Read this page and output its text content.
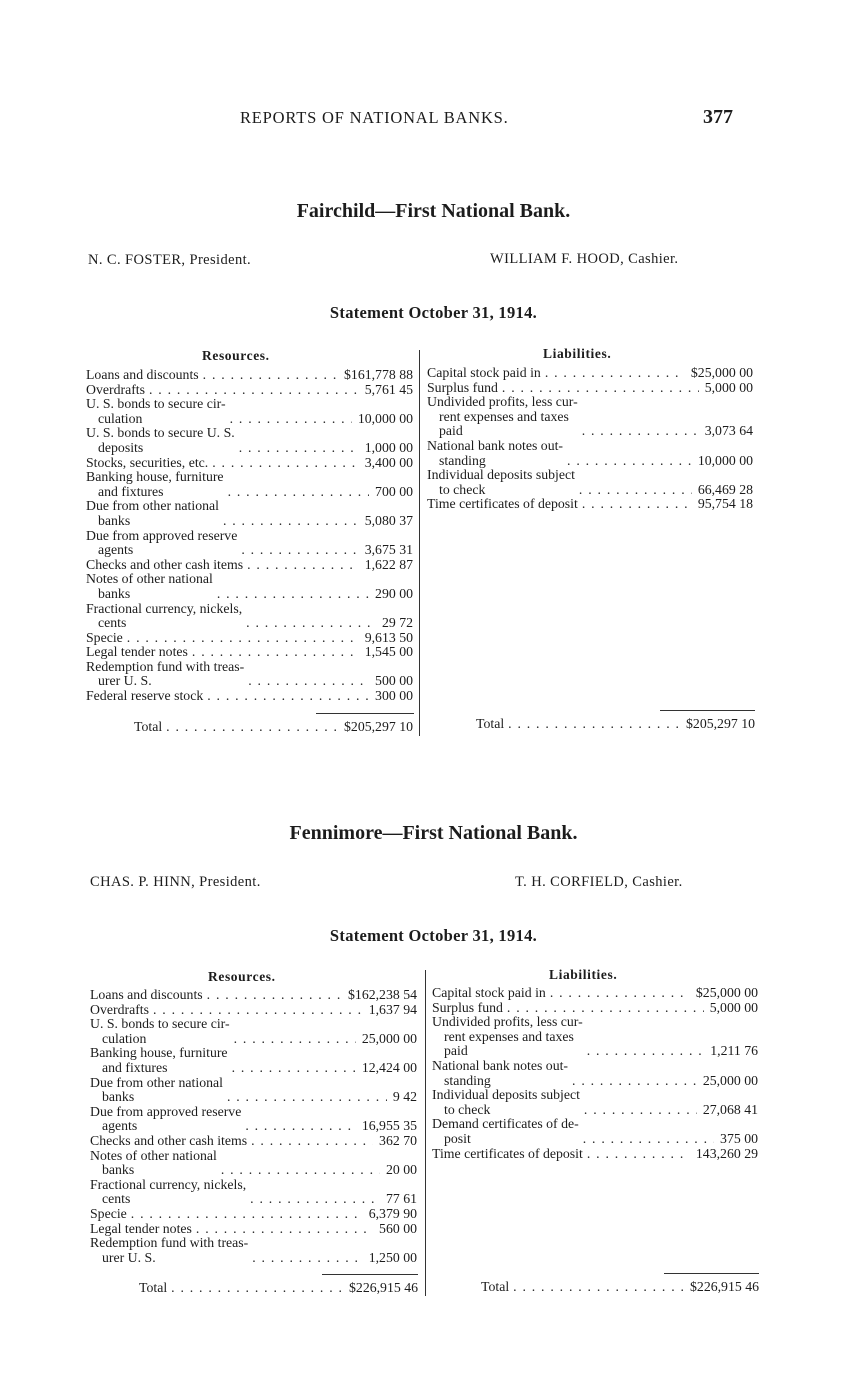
REPORTS OF NATIONAL BANKS.	377
Fairchild—First National Bank.
N. C. FOSTER, President.	WILLIAM F. HOOD, Cashier.
Statement October 31, 1914.
Resources.	Liabilities.
Loans and discounts . . .	$161,778 88
Overdrafts . . .	5,761 45
U. S. bonds to secure cir-
culation . . .	10,000 00
U. S. bonds to secure U. S.
deposits . . .	1,000 00
Stocks, securities, etc. . . .	3,400 00
Banking house, furniture
and fixtures . . .	700 00
Due from other national
banks . . .	5,080 37
Due from approved reserve
agents . . .	3,675 31
Checks and other cash items . . .	1,622 87
Notes of other national
banks . . .	290 00
Fractional currency, nickels,
cents . . .	29 72
Specie . . .	9,613 50
Legal tender notes . . .	1,545 00
Redemption fund with treas-
urer U. S. . . .	500 00
Federal reserve stock . . .	300 00
Capital stock paid in . . .	$25,000 00
Surplus fund . . .	5,000 00
Undivided profits, less cur-
rent expenses and taxes
paid . . .	3,073 64
National bank notes out-
standing . . .	10,000 00
Individual deposits subject
to check . . .	66,469 28
Time certificates of deposit . . .	95,754 18
Total . . .	$205,297 10	Total . . .	$205,297 10
Fennimore—First National Bank.
CHAS. P. HINN, President.	T. H. CORFIELD, Cashier.
Statement October 31, 1914.
Resources.	Liabilities.
Loans and discounts . . .	$162,238 54
Overdrafts . . .	1,637 94
U. S. bonds to secure cir-
culation . . .	25,000 00
Banking house, furniture
and fixtures . . .	12,424 00
Due from other national
banks . . .	9 42
Due from approved reserve
agents . . .	16,955 35
Checks and other cash items . . .	362 70
Notes of other national
banks . . .	20 00
Fractional currency, nickels,
cents . . .	77 61
Specie . . .	6,379 90
Legal tender notes . . .	560 00
Redemption fund with treas-
urer U. S. . . .	1,250 00
Capital stock paid in . . .	$25,000 00
Surplus fund . . .	5,000 00
Undivided profits, less cur-
rent expenses and taxes
paid . . .	1,211 76
National bank notes out-
standing . . .	25,000 00
Individual deposits subject
to check . . .	27,068 41
Demand certificates of de-
posit . . .	375 00
Time certificates of deposit . . .	143,260 29
Total . . .	$226,915 46	Total . . .	$226,915 46
